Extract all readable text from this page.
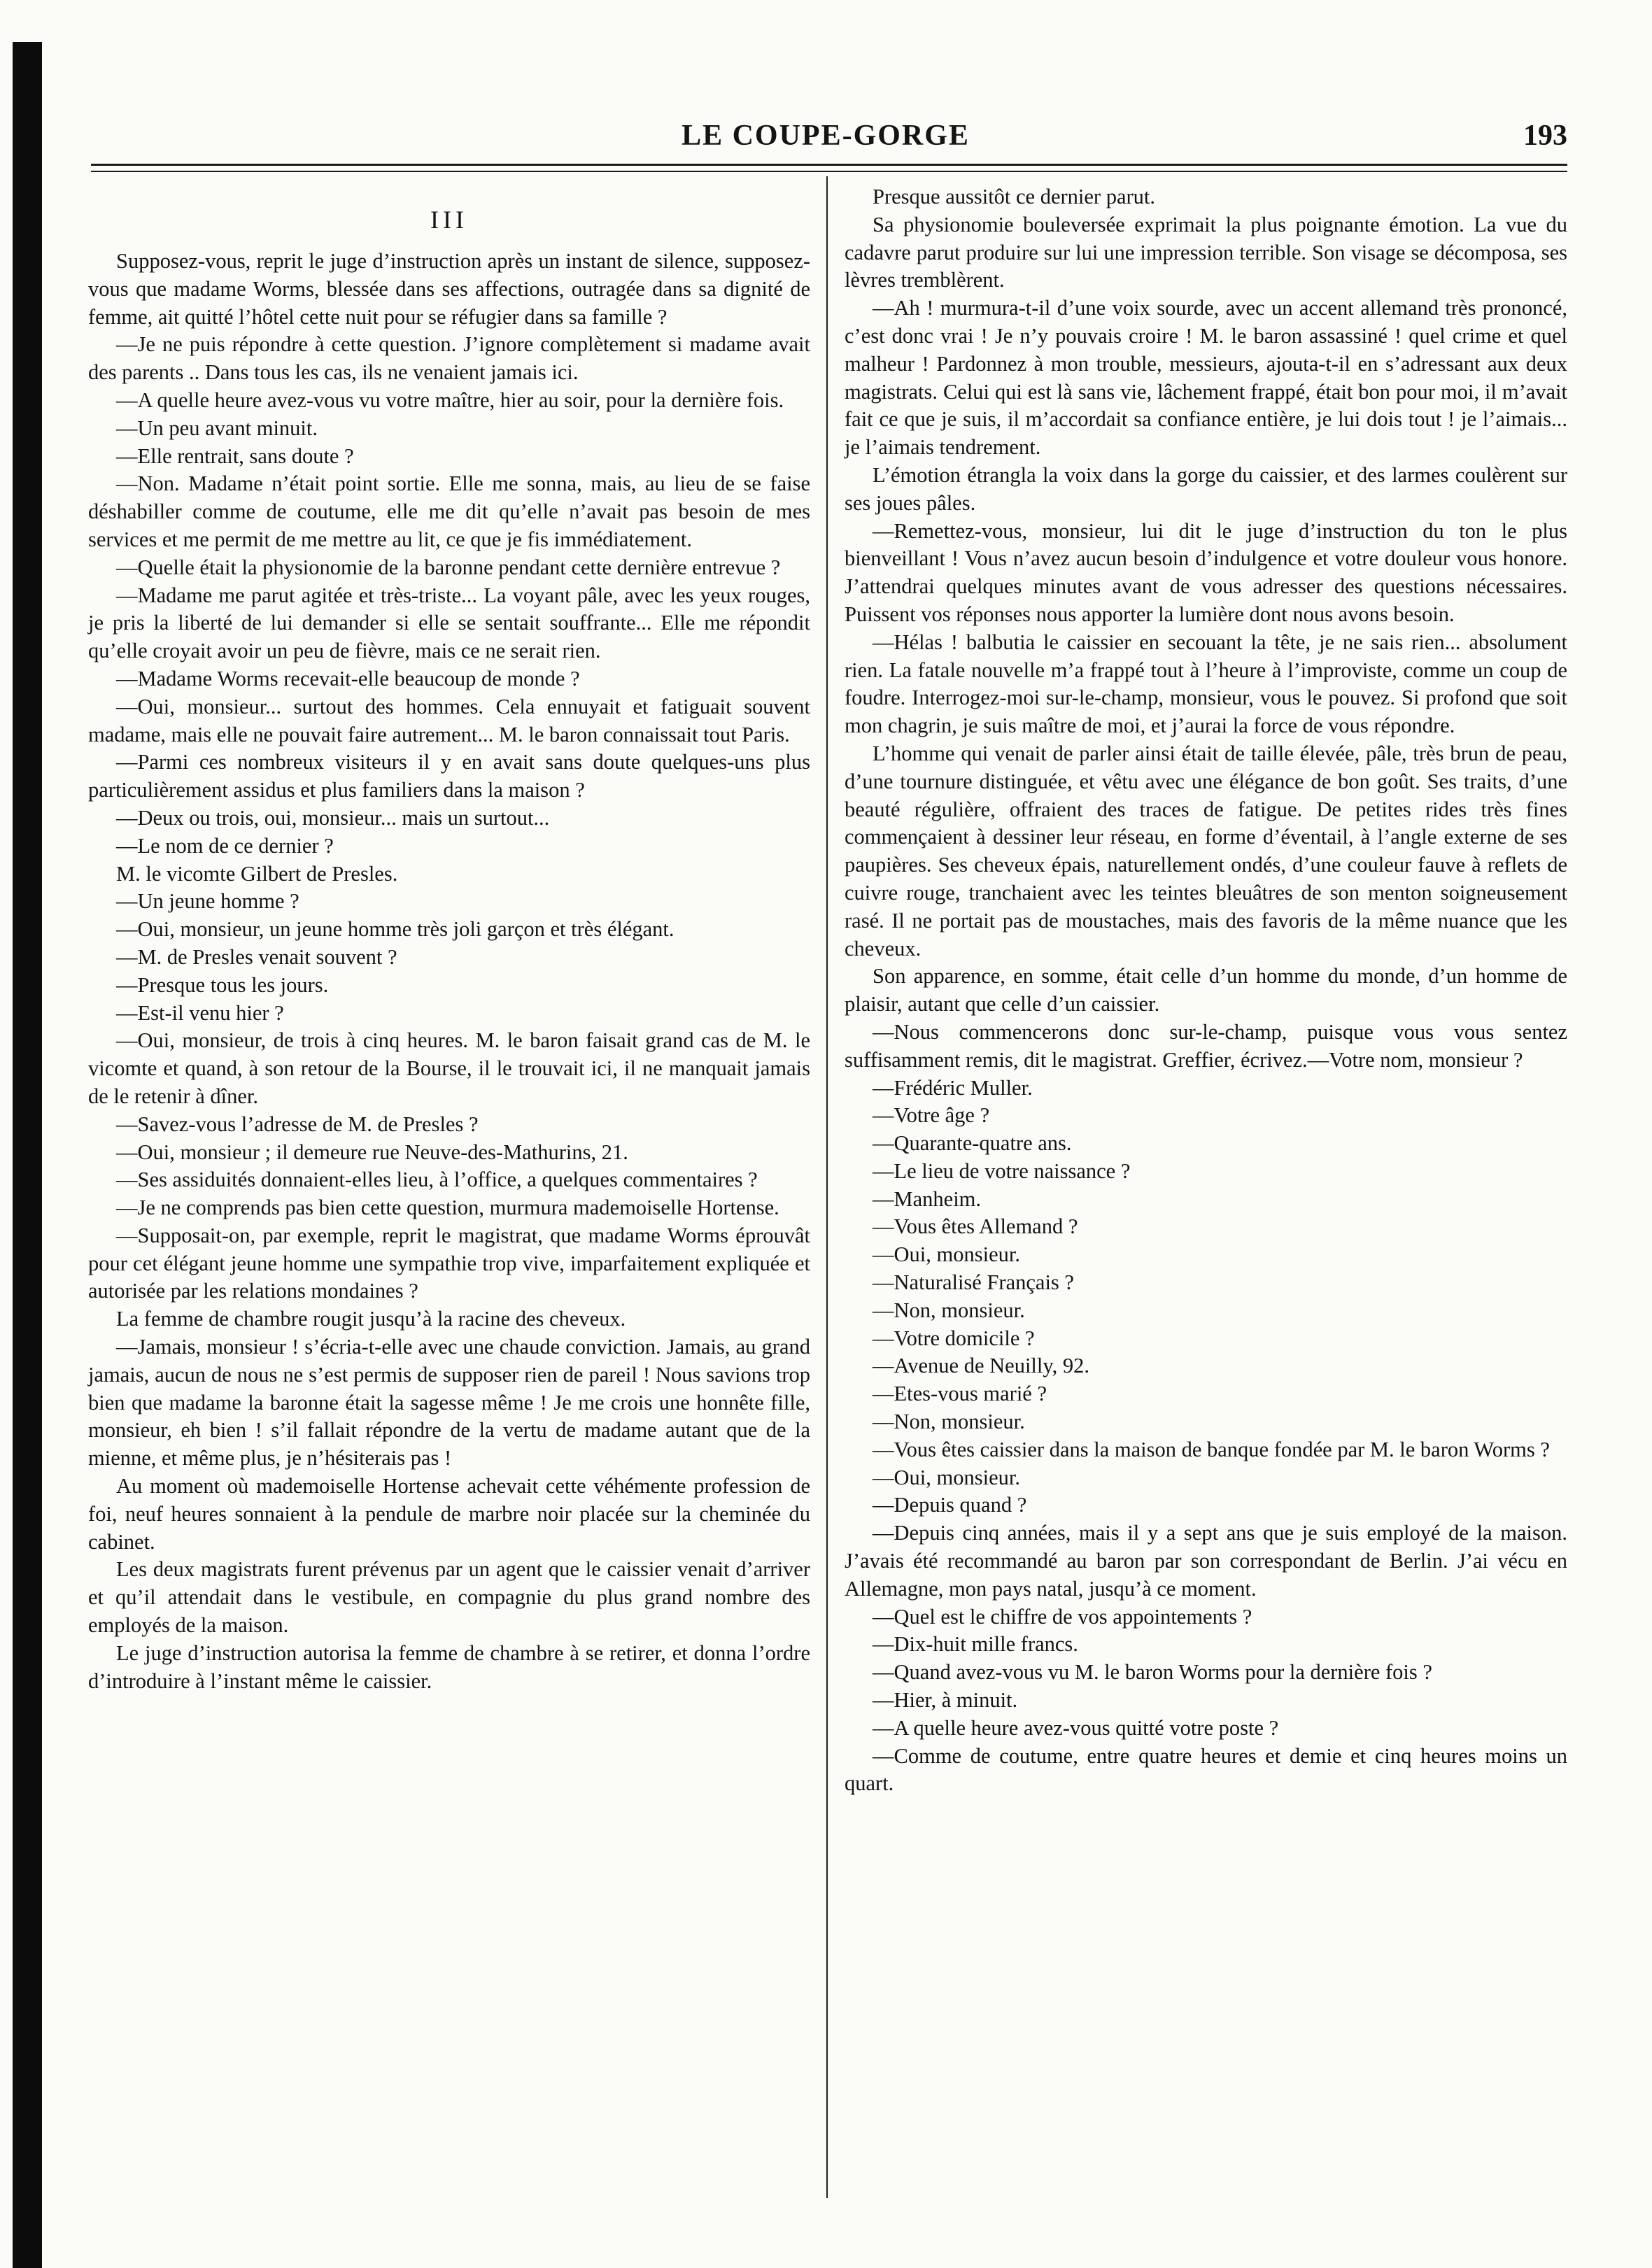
LE COUPE-GORGE	193
III

Supposez-vous, reprit le juge d’instruction après un instant de silence, supposez-vous que madame Worms, blessée dans ses affections, outragée dans sa dignité de femme, ait quitté l’hôtel cette nuit pour se réfugier dans sa famille ?

—Je ne puis répondre à cette question. J’ignore complètement si madame avait des parents .. Dans tous les cas, ils ne venaient jamais ici.

—A quelle heure avez-vous vu votre maître, hier au soir, pour la dernière fois.

—Un peu avant minuit.

—Elle rentrait, sans doute ?

—Non. Madame n’était point sortie. Elle me sonna, mais, au lieu de se faise déshabiller comme de coutume, elle me dit qu’elle n’avait pas besoin de mes services et me permit de me mettre au lit, ce que je fis immédiatement.

—Quelle était la physionomie de la baronne pendant cette dernière entrevue ?

—Madame me parut agitée et très-triste... La voyant pâle, avec les yeux rouges, je pris la liberté de lui demander si elle se sentait souffrante... Elle me répondit qu’elle croyait avoir un peu de fièvre, mais ce ne serait rien.

—Madame Worms recevait-elle beaucoup de monde ?

—Oui, monsieur... surtout des hommes. Cela ennuyait et fatiguait souvent madame, mais elle ne pouvait faire autrement... M. le baron connaissait tout Paris.

—Parmi ces nombreux visiteurs il y en avait sans doute quelques-uns plus particulièrement assidus et plus familiers dans la maison ?

—Deux ou trois, oui, monsieur... mais un surtout...

—Le nom de ce dernier ?

M. le vicomte Gilbert de Presles.

—Un jeune homme ?

—Oui, monsieur, un jeune homme très joli garçon et très élégant.

—M. de Presles venait souvent ?

—Presque tous les jours.

—Est-il venu hier ?

—Oui, monsieur, de trois à cinq heures. M. le baron faisait grand cas de M. le vicomte et quand, à son retour de la Bourse, il le trouvait ici, il ne manquait jamais de le retenir à dîner.

—Savez-vous l’adresse de M. de Presles ?

—Oui, monsieur ; il demeure rue Neuve-des-Mathurins, 21.

—Ses assiduités donnaient-elles lieu, à l’office, a quelques commentaires ?

—Je ne comprends pas bien cette question, murmura mademoiselle Hortense.

—Supposait-on, par exemple, reprit le magistrat, que madame Worms éprouvât pour cet élégant jeune homme une sympathie trop vive, imparfaitement expliquée et autorisée par les relations mondaines ?

La femme de chambre rougit jusqu’à la racine des cheveux.

—Jamais, monsieur ! s’écria-t-elle avec une chaude conviction. Jamais, au grand jamais, aucun de nous ne s’est permis de supposer rien de pareil ! Nous savions trop bien que madame la baronne était la sagesse même ! Je me crois une honnête fille, monsieur, eh bien ! s’il fallait répondre de la vertu de madame autant que de la mienne, et même plus, je n’hésiterais pas !

Au moment où mademoiselle Hortense achevait cette véhémente profession de foi, neuf heures sonnaient à la pendule de marbre noir placée sur la cheminée du cabinet.

Les deux magistrats furent prévenus par un agent que le caissier venait d’arriver et qu’il attendait dans le vestibule, en compagnie du plus grand nombre des employés de la maison.

Le juge d’instruction autorisa la femme de chambre à se retirer, et donna l’ordre d’introduire à l’instant même le caissier.

Presque aussitôt ce dernier parut.

Sa physionomie bouleversée exprimait la plus poignante émotion. La vue du cadavre parut produire sur lui une impression terrible. Son visage se décomposa, ses lèvres tremblèrent.

—Ah ! murmura-t-il d’une voix sourde, avec un accent allemand très prononcé, c’est donc vrai ! Je n’y pouvais croire ! M. le baron assassiné ! quel crime et quel malheur ! Pardonnez à mon trouble, messieurs, ajouta-t-il en s’adressant aux deux magistrats. Celui qui est là sans vie, lâchement frappé, était bon pour moi, il m’avait fait ce que je suis, il m’accordait sa confiance entière, je lui dois tout ! je l’aimais... je l’aimais tendrement.

L’émotion étrangla la voix dans la gorge du caissier, et des larmes coulèrent sur ses joues pâles.

—Remettez-vous, monsieur, lui dit le juge d’instruction du ton le plus bienveillant ! Vous n’avez aucun besoin d’indulgence et votre douleur vous honore. J’attendrai quelques minutes avant de vous adresser des questions nécessaires. Puissent vos réponses nous apporter la lumière dont nous avons besoin.

—Hélas ! balbutia le caissier en secouant la tête, je ne sais rien... absolument rien. La fatale nouvelle m’a frappé tout à l’heure à l’improviste, comme un coup de foudre. Interrogez-moi sur-le-champ, monsieur, vous le pouvez. Si profond que soit mon chagrin, je suis maître de moi, et j’aurai la force de vous répondre.

L’homme qui venait de parler ainsi était de taille élevée, pâle, très brun de peau, d’une tournure distinguée, et vêtu avec une élégance de bon goût. Ses traits, d’une beauté régulière, offraient des traces de fatigue. De petites rides très fines commençaient à dessiner leur réseau, en forme d’éventail, à l’angle externe de ses paupières. Ses cheveux épais, naturellement ondés, d’une couleur fauve à reflets de cuivre rouge, tranchaient avec les teintes bleuâtres de son menton soigneusement rasé. Il ne portait pas de moustaches, mais des favoris de la même nuance que les cheveux.

Son apparence, en somme, était celle d’un homme du monde, d’un homme de plaisir, autant que celle d’un caissier.

—Nous commencerons donc sur-le-champ, puisque vous vous sentez suffisamment remis, dit le magistrat. Greffier, écrivez.—Votre nom, monsieur ?

—Frédéric Muller.

—Votre âge ?

—Quarante-quatre ans.

—Le lieu de votre naissance ?

—Manheim.

—Vous êtes Allemand ?

—Oui, monsieur.

—Naturalisé Français ?

—Non, monsieur.

—Votre domicile ?

—Avenue de Neuilly, 92.

—Etes-vous marié ?

—Non, monsieur.

—Vous êtes caissier dans la maison de banque fondée par M. le baron Worms ?

—Oui, monsieur.

—Depuis quand ?

—Depuis cinq années, mais il y a sept ans que je suis employé de la maison. J’avais été recommandé au baron par son correspondant de Berlin. J’ai vécu en Allemagne, mon pays natal, jusqu’à ce moment.

—Quel est le chiffre de vos appointements ?

—Dix-huit mille francs.

—Quand avez-vous vu M. le baron Worms pour la dernière fois ?

—Hier, à minuit.

—A quelle heure avez-vous quitté votre poste ?

—Comme de coutume, entre quatre heures et demie et cinq heures moins un quart.
